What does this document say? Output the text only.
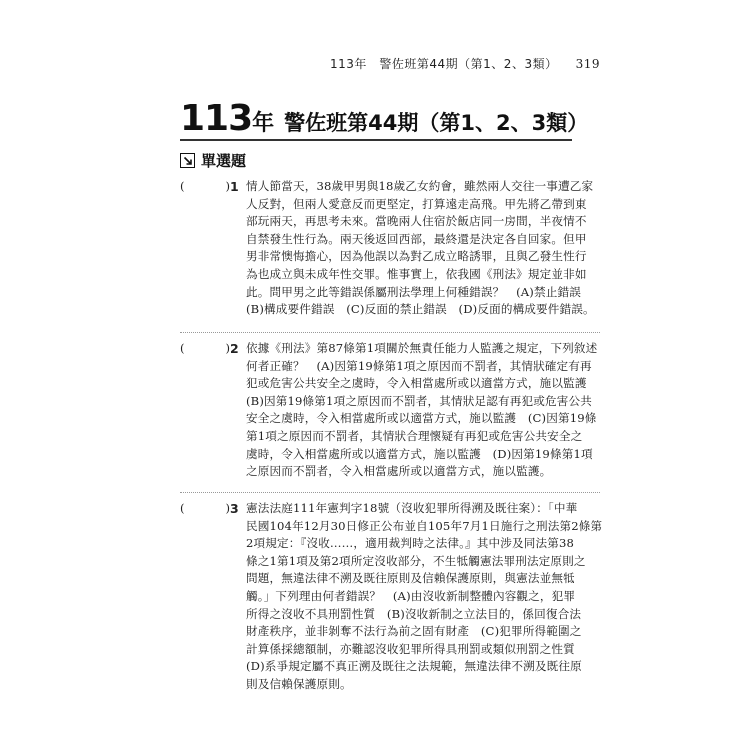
113年　警佐班第44期（第1、2、3類） 319
113 年 警佐班第44期（第1、2、3類）
單選題
(	) 1 情人節當天，38歲甲男與18歲乙女約會，雖然兩人交往一事遭乙家
人反對，但兩人愛意反而更堅定，打算遠走高飛。甲先將乙帶到東
部玩兩天，再思考未來。當晚兩人住宿於飯店同一房間，半夜情不
自禁發生性行為。兩天後返回西部，最終還是決定各自回家。但甲
男非常懊悔擔心，因為他誤以為對乙成立略誘罪，且與乙發生性行
為也成立與未成年性交罪。惟事實上，依我國《刑法》規定並非如
此。問甲男之此等錯誤係屬刑法學理上何種錯誤？　(A)禁止錯誤
(B)構成要件錯誤　(C)反面的禁止錯誤　(D)反面的構成要件錯誤。
(	) 2 依據《刑法》第87條第1項關於無責任能力人監護之規定，下列敘述
何者正確？　(A)因第19條第1項之原因而不罰者，其情狀確定有再
犯或危害公共安全之虞時，令入相當處所或以適當方式，施以監護
(B)因第19條第1項之原因而不罰者，其情狀足認有再犯或危害公共
安全之虞時，令入相當處所或以適當方式，施以監護　(C)因第19條
第1項之原因而不罰者，其情狀合理懷疑有再犯或危害公共安全之
虞時，令入相當處所或以適當方式，施以監護　(D)因第19條第1項
之原因而不罰者，令入相當處所或以適當方式，施以監護。
(	) 3 憲法法庭111年憲判字18號（沒收犯罪所得溯及既往案）：「中華
民國104年12月30日修正公布並自105年7月1日施行之刑法第2條第
2項規定：『沒收……，適用裁判時之法律。』其中涉及同法第38
條之1第1項及第2項所定沒收部分，不生牴觸憲法罪刑法定原則之
問題，無違法律不溯及既往原則及信賴保護原則，與憲法並無牴
觸。」下列理由何者錯誤？　(A)由沒收新制整體內容觀之，犯罪
所得之沒收不具刑罰性質　(B)沒收新制之立法目的，係回復合法
財產秩序，並非剝奪不法行為前之固有財產　(C)犯罪所得範圍之
計算係採總額制，亦難認沒收犯罪所得具刑罰或類似刑罰之性質
(D)系爭規定屬不真正溯及既往之法規範，無違法律不溯及既往原
則及信賴保護原則。
